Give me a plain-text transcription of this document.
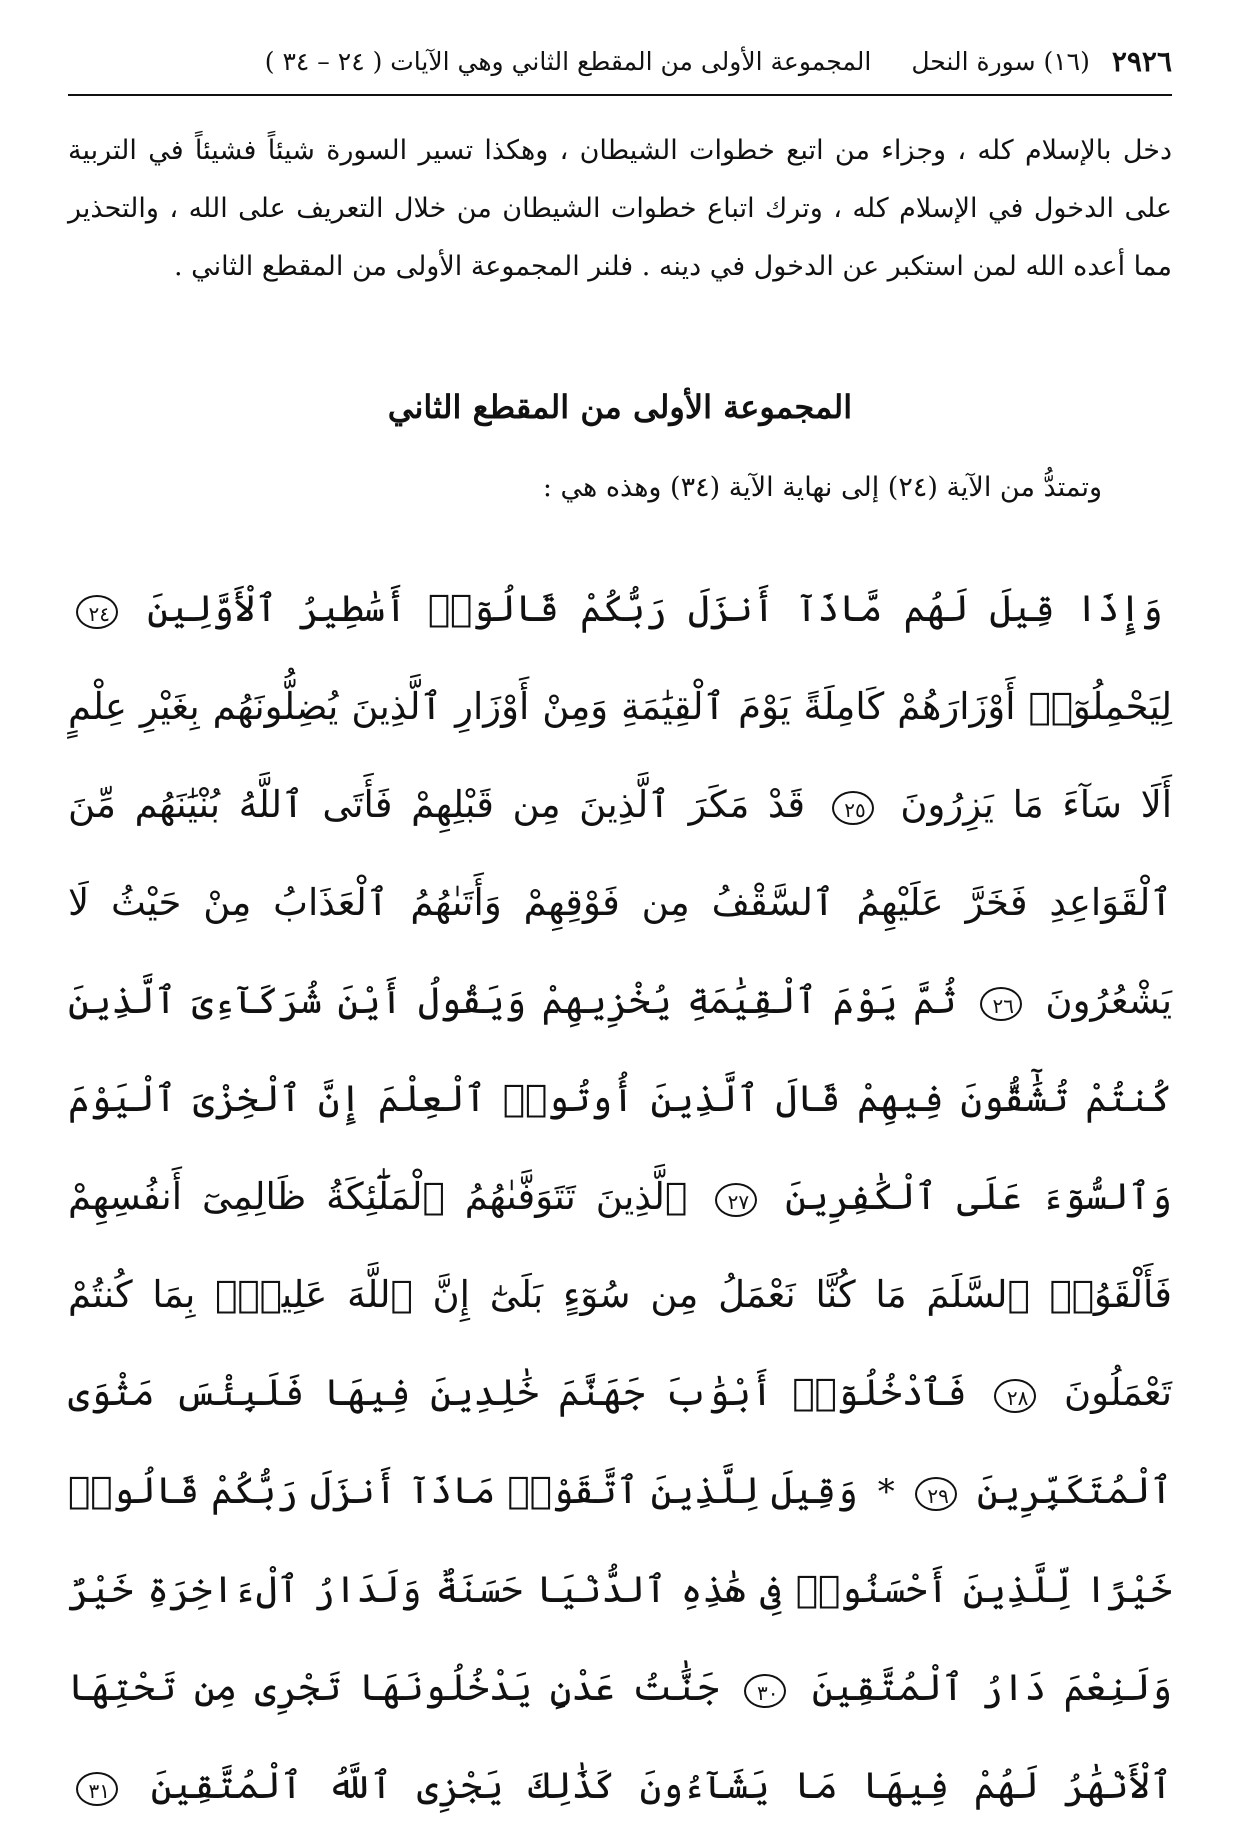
٢٩٢٦
(١٦) سورة النحل
المجموعة الأولى من المقطع الثاني وهي الآيات ( ٢٤ – ٣٤ )

دخل بالإسلام كله ، وجزاء من اتبع خطوات الشيطان ، وهكذا تسير السورة شيئاً فشيئاً في التربية على الدخول في الإسلام كله ، وترك اتباع خطوات الشيطان من خلال التعريف على الله ، والتحذير مما أعده الله لمن استكبر عن الدخول في دينه . فلنر المجموعة الأولى من المقطع الثاني .

المجموعة الأولى من المقطع الثاني

وتمتدُّ من الآية (٢٤) إلى نهاية الآية (٣٤) وهذه هي :

وَإِذَا قِيلَ لَهُم مَّاذَآ أَنزَلَ رَبُّكُمْ قَالُوٓا۟ أَسَٰطِيرُ ٱلْأَوَّلِينَ ٢٤ لِيَحْمِلُوٓا۟ أَوْزَارَهُمْ كَامِلَةً يَوْمَ ٱلْقِيَٰمَةِ وَمِنْ أَوْزَارِ ٱلَّذِينَ يُضِلُّونَهُم بِغَيْرِ عِلْمٍ أَلَا سَآءَ مَا يَزِرُونَ ٢٥ قَدْ مَكَرَ ٱلَّذِينَ مِن قَبْلِهِمْ فَأَتَى ٱللَّهُ بُنْيَٰنَهُم مِّنَ ٱلْقَوَاعِدِ فَخَرَّ عَلَيْهِمُ ٱلسَّقْفُ مِن فَوْقِهِمْ وَأَتَىٰهُمُ ٱلْعَذَابُ مِنْ حَيْثُ لَا يَشْعُرُونَ ٢٦ ثُمَّ يَوْمَ ٱلْقِيَٰمَةِ يُخْزِيهِمْ وَيَقُولُ أَيْنَ شُرَكَآءِىَ ٱلَّذِينَ كُنتُمْ تُشَٰٓقُّونَ فِيهِمْ قَالَ ٱلَّذِينَ أُوتُوا۟ ٱلْعِلْمَ إِنَّ ٱلْخِزْىَ ٱلْيَوْمَ وَٱلسُّوٓءَ عَلَى ٱلْكَٰفِرِينَ ٢٧ ٱلَّذِينَ تَتَوَفَّىٰهُمُ ٱلْمَلَٰٓئِكَةُ ظَالِمِىٓ أَنفُسِهِمْ فَأَلْقَوُا۟ ٱلسَّلَمَ مَا كُنَّا نَعْمَلُ مِن سُوٓءٍ بَلَىٰٓ إِنَّ ٱللَّهَ عَلِيمٌۢ بِمَا كُنتُمْ تَعْمَلُونَ ٢٨ فَٱدْخُلُوٓا۟ أَبْوَٰبَ جَهَنَّمَ خَٰلِدِينَ فِيهَا فَلَبِئْسَ مَثْوَى ٱلْمُتَكَبِّرِينَ ٢٩ * وَقِيلَ لِلَّذِينَ ٱتَّقَوْا۟ مَاذَآ أَنزَلَ رَبُّكُمْ قَالُوا۟ خَيْرًا لِّلَّذِينَ أَحْسَنُوا۟ فِى هَٰذِهِ ٱلدُّنْيَا حَسَنَةٌ وَلَدَارُ ٱلْءَاخِرَةِ خَيْرٌ وَلَنِعْمَ دَارُ ٱلْمُتَّقِينَ ٣٠ جَنَّٰتُ عَدْنٍ يَدْخُلُونَهَا تَجْرِى مِن تَحْتِهَا ٱلْأَنْهَٰرُ لَهُمْ فِيهَا مَا يَشَآءُونَ كَذَٰلِكَ يَجْزِى ٱللَّهُ ٱلْمُتَّقِينَ ٣١
